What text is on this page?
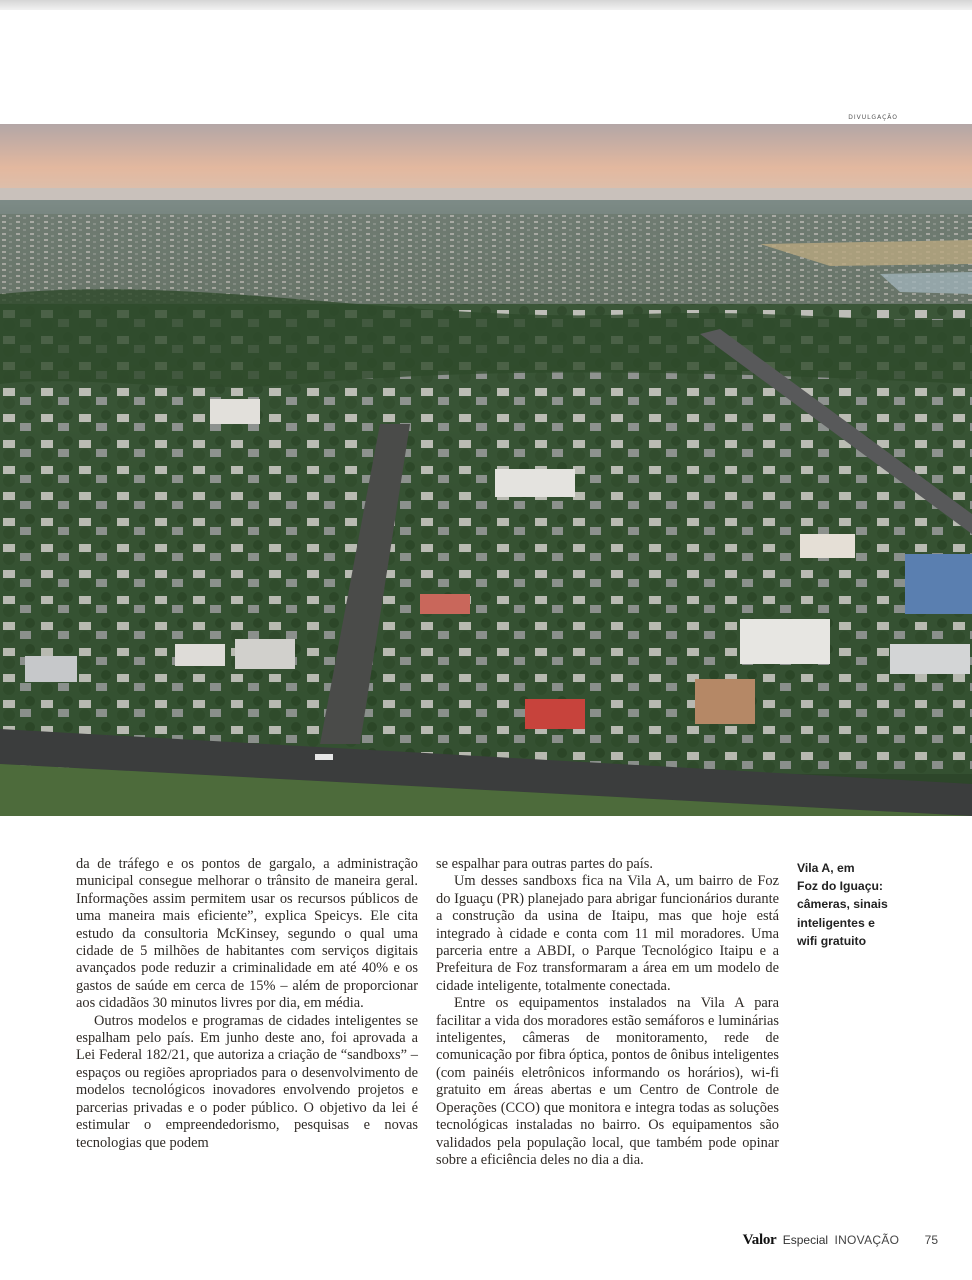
DIVULGAÇÃO

da de tráfego e os pontos de gargalo, a administração municipal consegue melhorar o trânsito de maneira geral. Informações assim permitem usar os recursos públicos de uma maneira mais eficiente”, explica Speicys. Ele cita estudo da consultoria McKinsey, segundo o qual uma cidade de 5 milhões de habitantes com serviços digitais avançados pode reduzir a criminalidade em até 40% e os gastos de saúde em cerca de 15% – além de proporcionar aos cidadãos 30 minutos livres por dia, em média.

Outros modelos e programas de cidades inteligentes se espalham pelo país. Em junho deste ano, foi aprovada a Lei Federal 182/21, que autoriza a criação de “sandboxs” – espaços ou regiões apropriados para o desenvolvimento de modelos tecnológicos inovadores envolvendo projetos e parcerias privadas e o poder público. O objetivo da lei é estimular o empreendedorismo, pesquisas e novas tecnologias que podem

se espalhar para outras partes do país.

Um desses sandboxs fica na Vila A, um bairro de Foz do Iguaçu (PR) planejado para abrigar funcionários durante a construção da usina de Itaipu, mas que hoje está integrado à cidade e conta com 11 mil moradores. Uma parceria entre a ABDI, o Parque Tecnológico Itaipu e a Prefeitura de Foz transformaram a área em um modelo de cidade inteligente, totalmente conectada.

Entre os equipamentos instalados na Vila A para facilitar a vida dos moradores estão semáforos e luminárias inteligentes, câmeras de monitoramento, rede de comunicação por fibra óptica, pontos de ônibus inteligentes (com painéis eletrônicos informando os horários), wi-fi gratuito em áreas abertas e um Centro de Controle de Operações (CCO) que monitora e integra todas as soluções tecnológicas instaladas no bairro. Os equipamentos são validados pela população local, que também pode opinar sobre a eficiência deles no dia a dia.

Vila A, em
Foz do Iguaçu:
câmeras, sinais
inteligentes e
wifi gratuito
Valor Especial INOVAÇÃO 75
